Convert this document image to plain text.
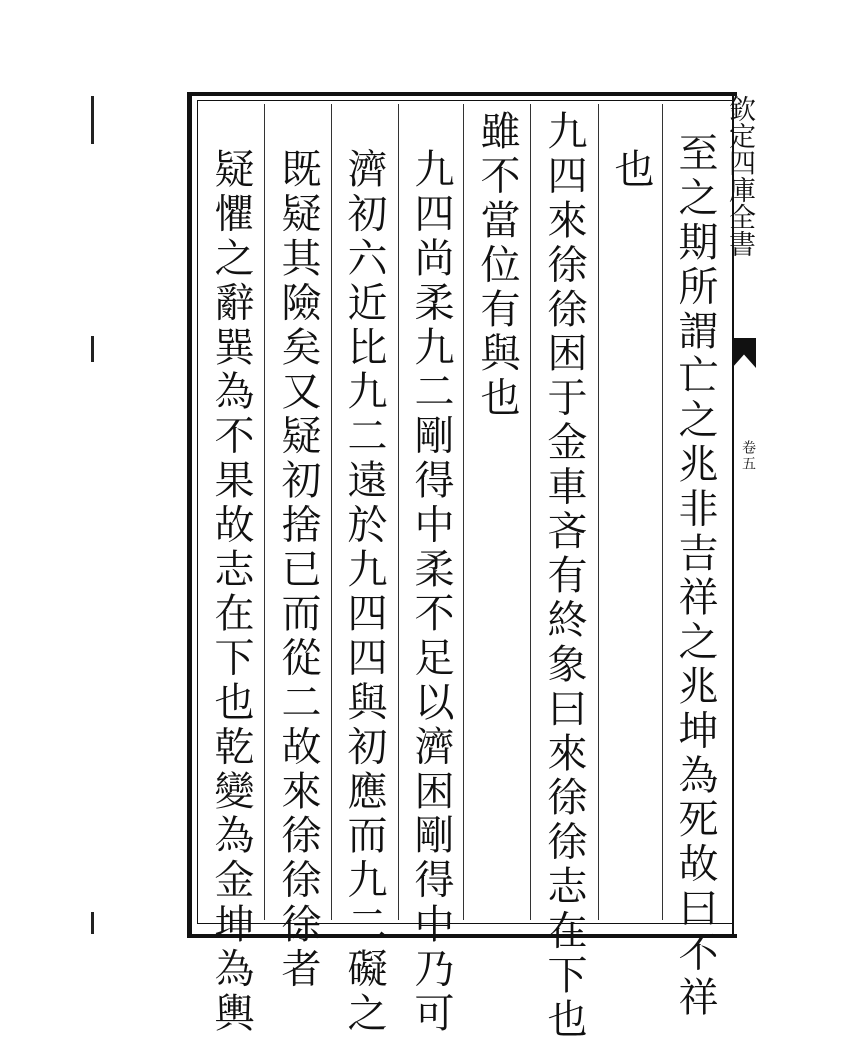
欽定四庫全書
卷五
至之期所謂亡之兆非吉祥之兆坤為死故曰不祥
也
九四來徐徐困于金車吝有終象曰來徐徐志在下也
雖不當位有與也
九四尚柔九二剛得中柔不足以濟困剛得中乃可
濟初六近比九二遠於九四四與初應而九二礙之
既疑其險矣又疑初捨已而從二故來徐徐徐者
疑懼之辭巽為不果故志在下也乾變為金坤為輿
